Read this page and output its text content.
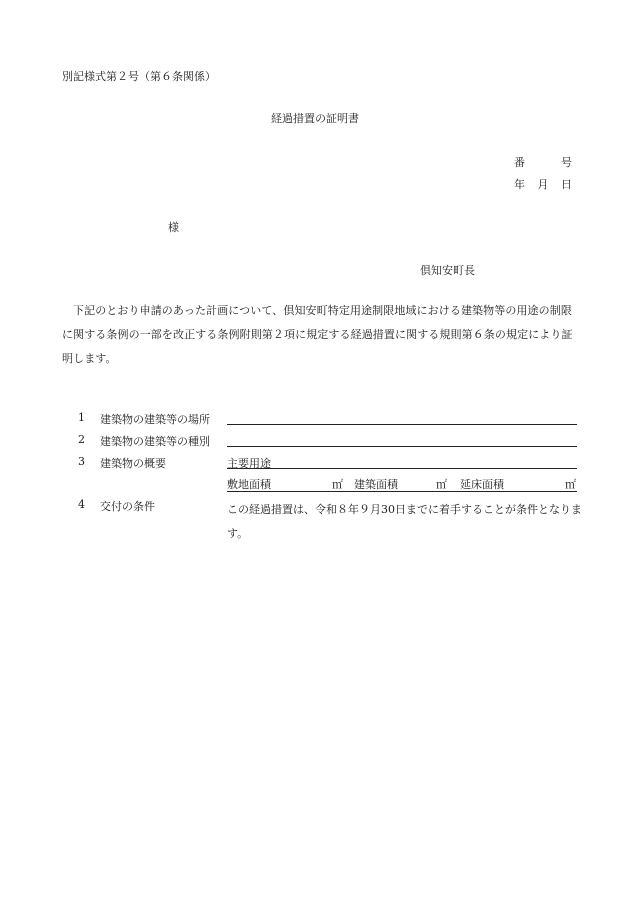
別記様式第２号（第６条関係）
経過措置の証明書
番	号
年 月 日
様
倶知安町長
下記のとおり申請のあった計画について、倶知安町特定用途制限地域における建築物等の用途の制限に関する条例の一部を改正する条例附則第２項に規定する経過措置に関する規則第６条の規定により証明します。
1 建築物の建築等の場所
2 建築物の建築等の種別
3 建築物の概要	主要用途
敷地面積	㎡ 建築面積	㎡ 延床面積	㎡
4 交付の条件	この経過措置は、令和８年９月30日までに着手することが条件となります。
